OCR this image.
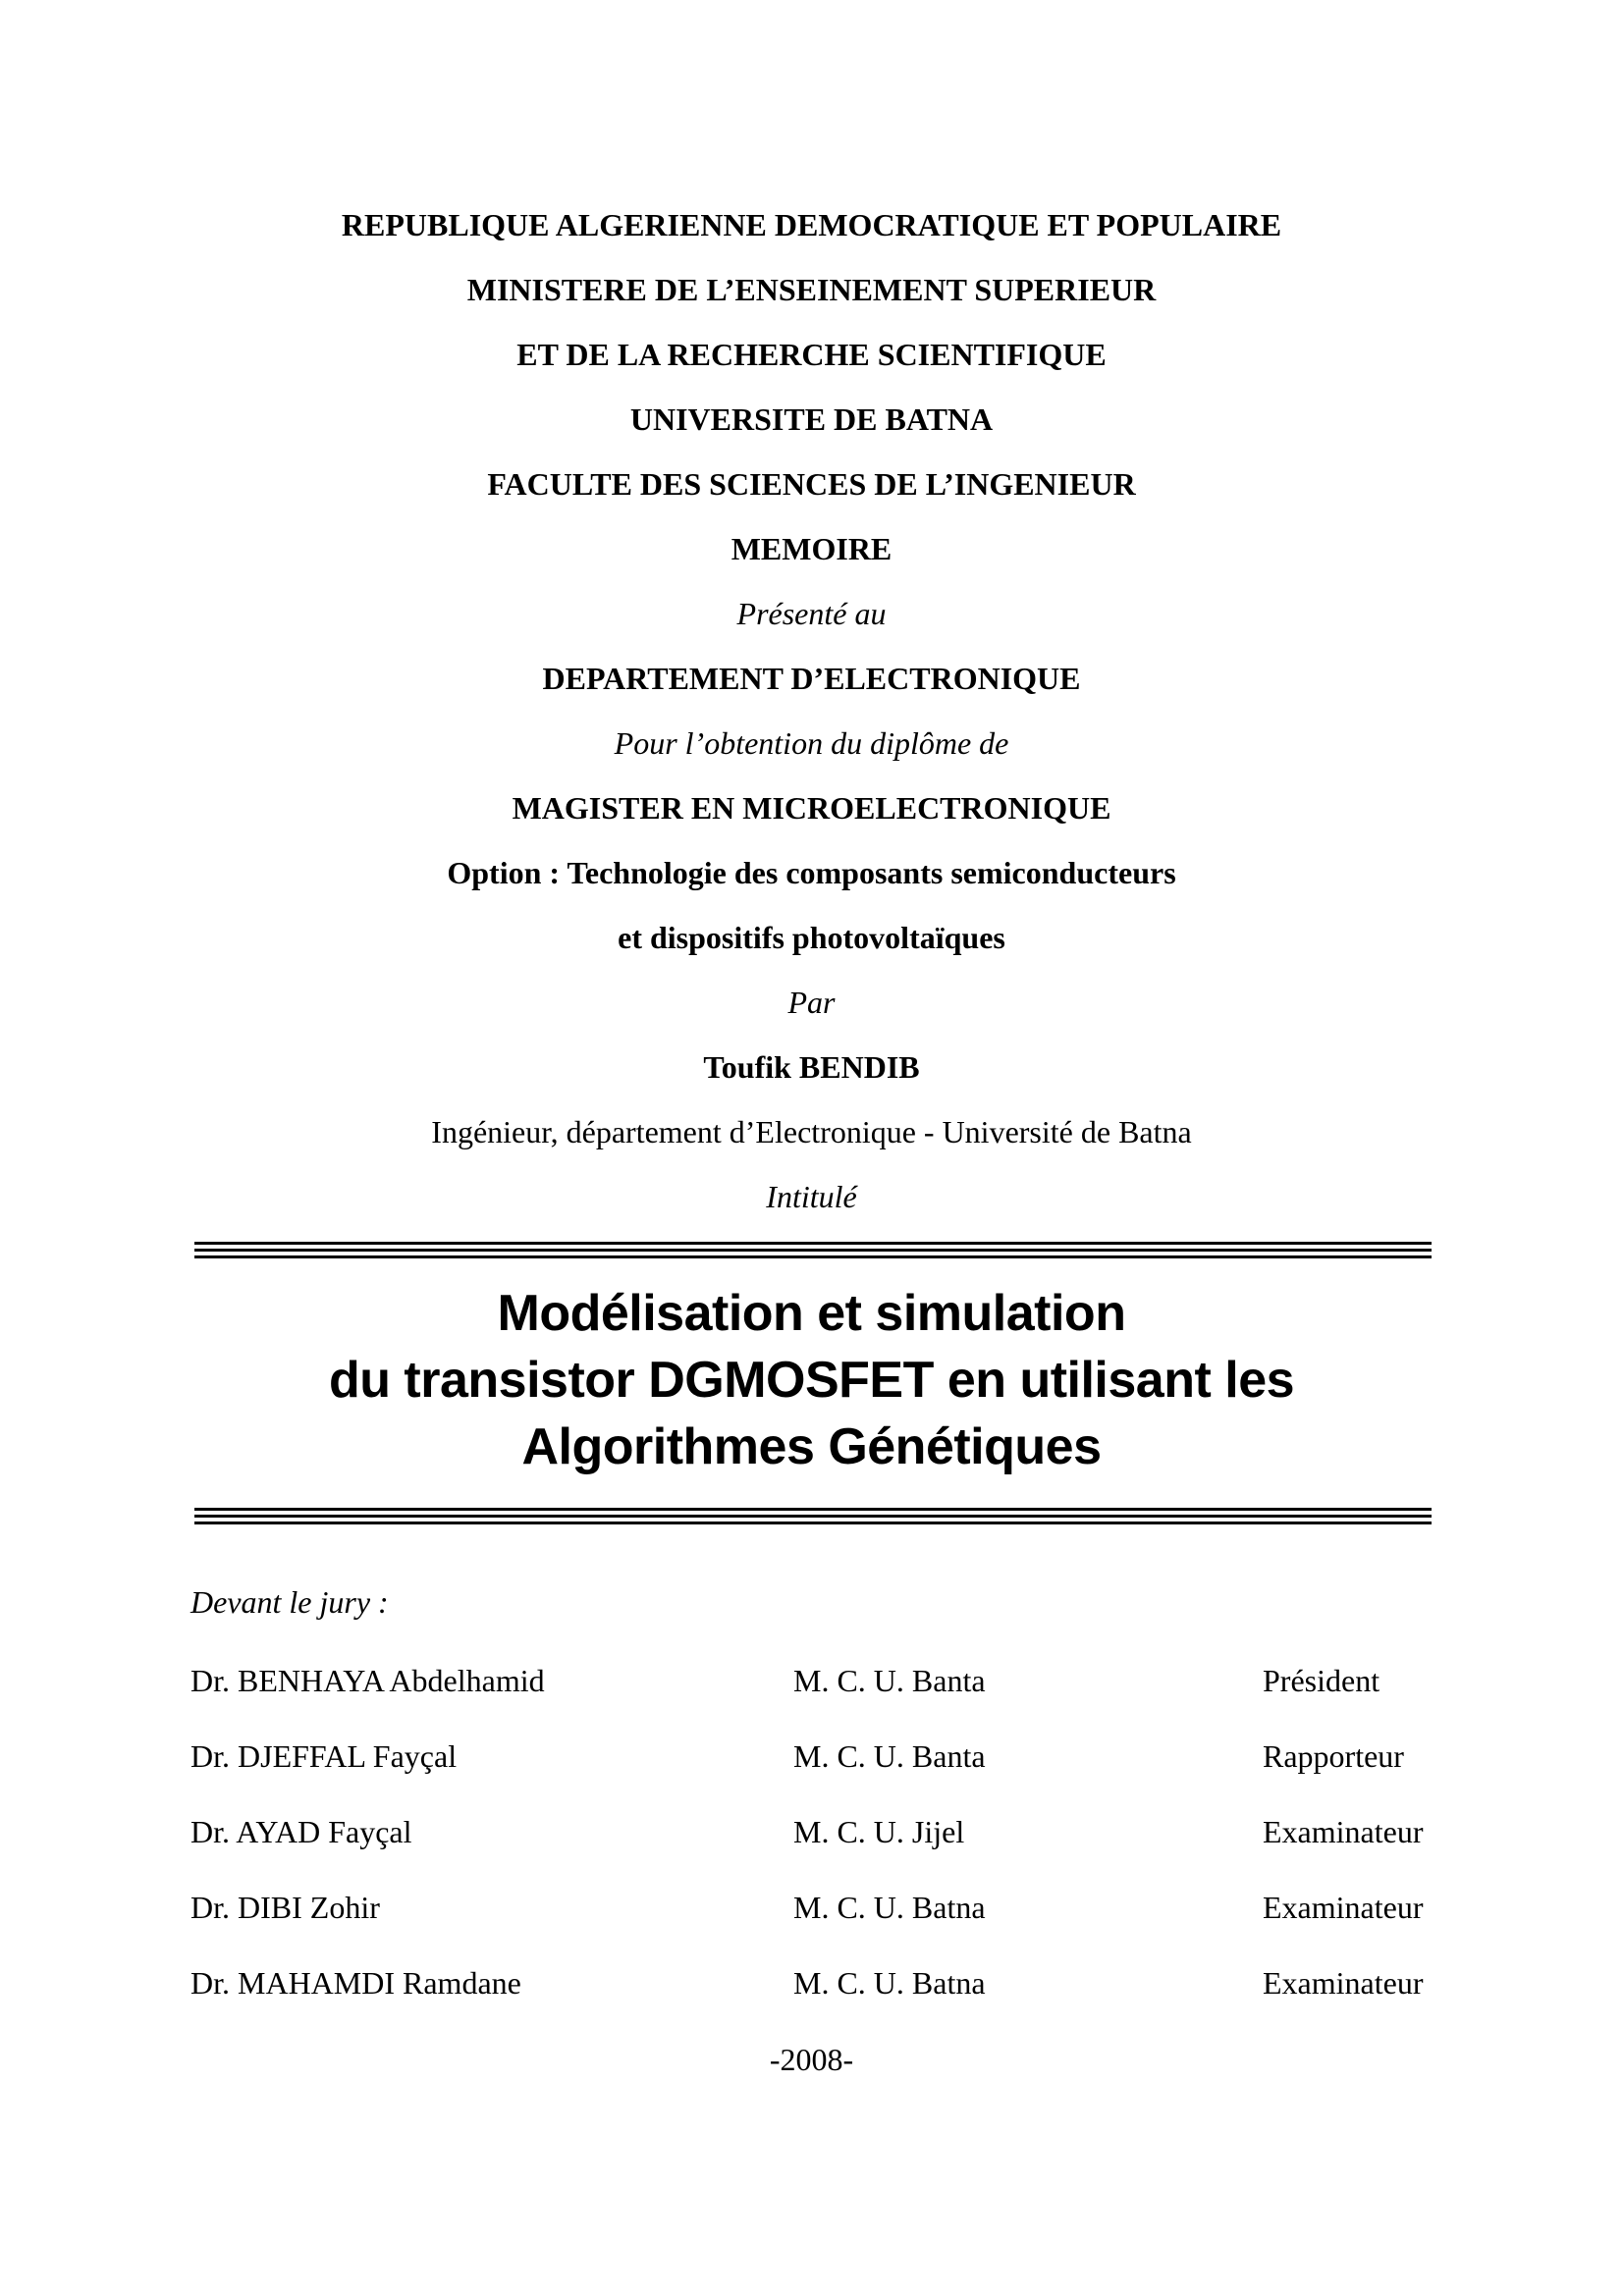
REPUBLIQUE ALGERIENNE DEMOCRATIQUE ET POPULAIRE
MINISTERE DE L’ENSEINEMENT SUPERIEUR
ET DE LA RECHERCHE SCIENTIFIQUE
UNIVERSITE DE BATNA
FACULTE DES SCIENCES DE L’INGENIEUR
MEMOIRE
Présenté au
DEPARTEMENT D’ELECTRONIQUE
Pour l’obtention du diplôme de
MAGISTER EN MICROELECTRONIQUE
Option : Technologie des composants semiconducteurs
et dispositifs photovoltaïques
Par
Toufik BENDIB
Ingénieur, département d’Electronique - Université de Batna
Intitulé
Modélisation et simulation
du transistor DGMOSFET en utilisant les
Algorithmes Génétiques
Devant le jury :
Dr. BENHAYA Abdelhamid	M. C. U. Banta	Président
Dr. DJEFFAL Fayçal	M. C. U. Banta	Rapporteur
Dr. AYAD Fayçal	M. C. U. Jijel	Examinateur
Dr. DIBI Zohir	M. C. U. Batna	Examinateur
Dr. MAHAMDI Ramdane	M. C. U. Batna	Examinateur
-2008-
